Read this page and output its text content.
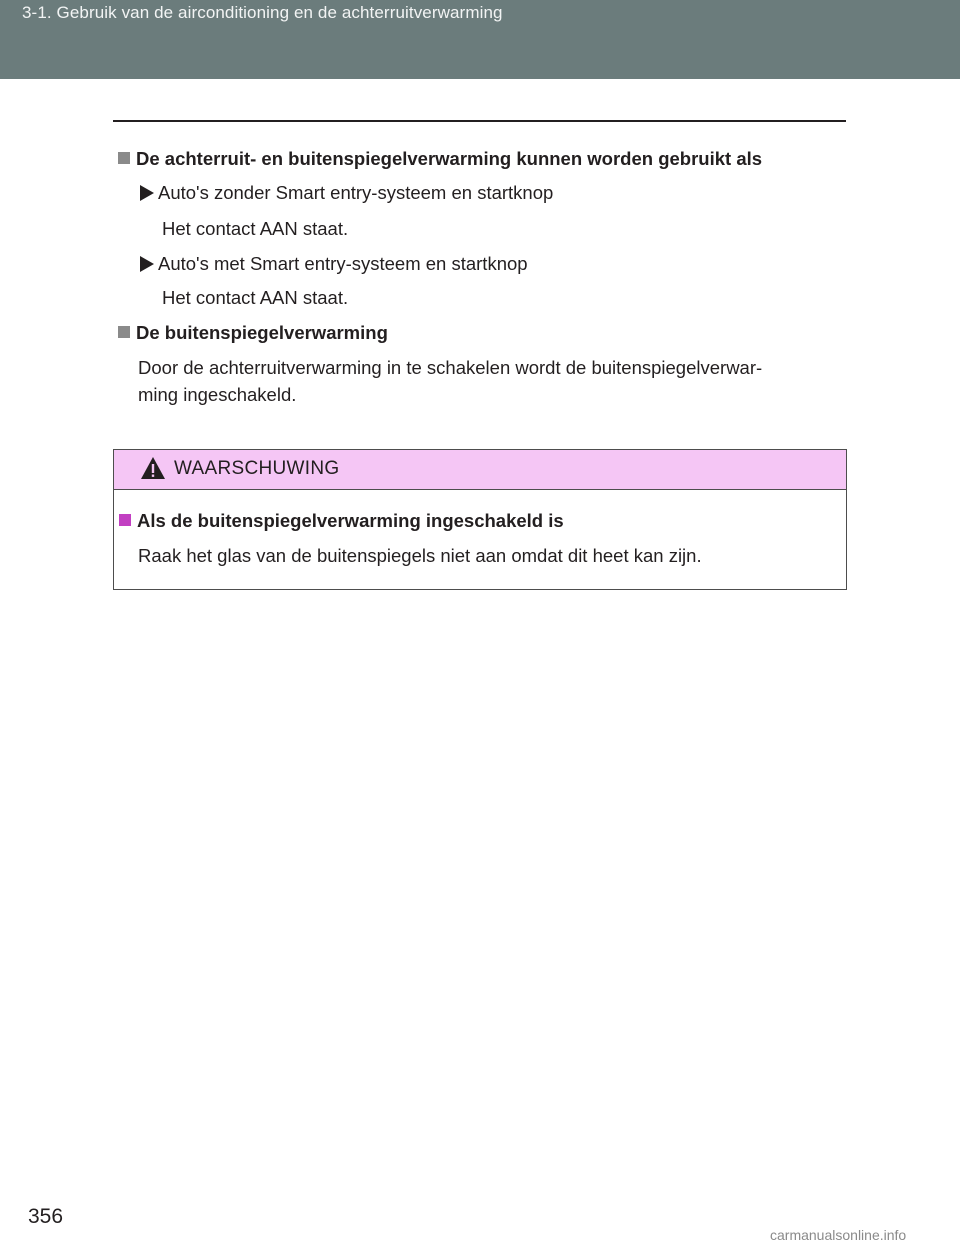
3-1. Gebruik van de airconditioning en de achterruitverwarming
De achterruit- en buitenspiegelverwarming kunnen worden gebruikt als
Auto's zonder Smart entry-systeem en startknop
Het contact AAN staat.
Auto's met Smart entry-systeem en startknop
Het contact AAN staat.
De buitenspiegelverwarming
Door de achterruitverwarming in te schakelen wordt de buitenspiegelverwar-
ming ingeschakeld.
WAARSCHUWING
Als de buitenspiegelverwarming ingeschakeld is
Raak het glas van de buitenspiegels niet aan omdat dit heet kan zijn.
356
carmanualsonline.info
